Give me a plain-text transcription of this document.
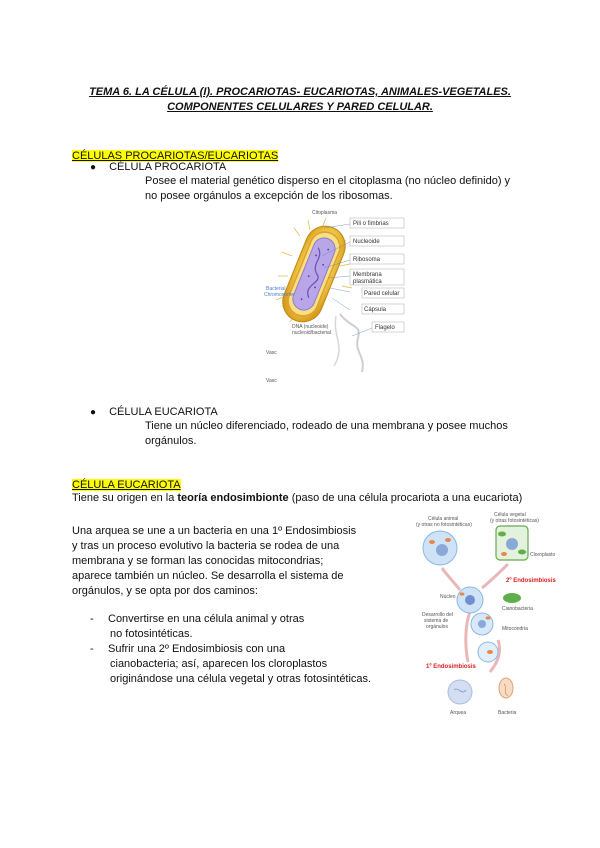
TEMA 6. LA CÉLULA (I). PROCARIOTAS- EUCARIOTAS, ANIMALES-VEGETALES.
COMPONENTES CELULARES Y PARED CELULAR.
CÉLULAS PROCARIOTAS/EUCARIOTAS
● CÉLULA PROCARIOTA
Posee el material genético disperso en el citoplasma (no núcleo definido) y
no posee orgánulos a excepción de los ribosomas.
Citoplasma
Pili o fimbrias
Nucleoide
Ribosoma
Membrana
plasmática
Pared celular
Cápsula
Flagelo
Bacterial
Chromosome
DNA (nucleoide)
nucleoid/bacterial
Vasc
Vasc
● CÉLULA EUCARIOTA
Tiene un núcleo diferenciado, rodeado de una membrana y posee muchos
orgánulos.
CÉLULA EUCARIOTA
Tiene su origen en la teoría endosimbionte (paso de una célula procariota a una eucariota)
Una arquea se une a un bacteria en una 1º Endosimbiosis
y tras un proceso evolutivo la bacteria se rodea de una
membrana y se forman las conocidas mitocondrias;
aparece también un núcleo. Se desarrolla el sistema de
orgánulos, y se opta por dos caminos:
- Convertirse en una célula animal y otras
no fotosintéticas.
- Sufrir una 2º Endosimbiosis con una
cianobacteria; así, aparecen los cloroplastos
originándose una célula vegetal y otras fotosintéticas.
Célula animal
(y otras no fotosintéticas)
Célula vegetal
(y otras fotosintéticas)
Cloroplasto
2º Endosimbiosis
Núcleo
Cianobacteria
Desarrollo del
sistema de
orgánulos	Mitocondria
1º Endosimbiosis
Arquea	Bacteria
